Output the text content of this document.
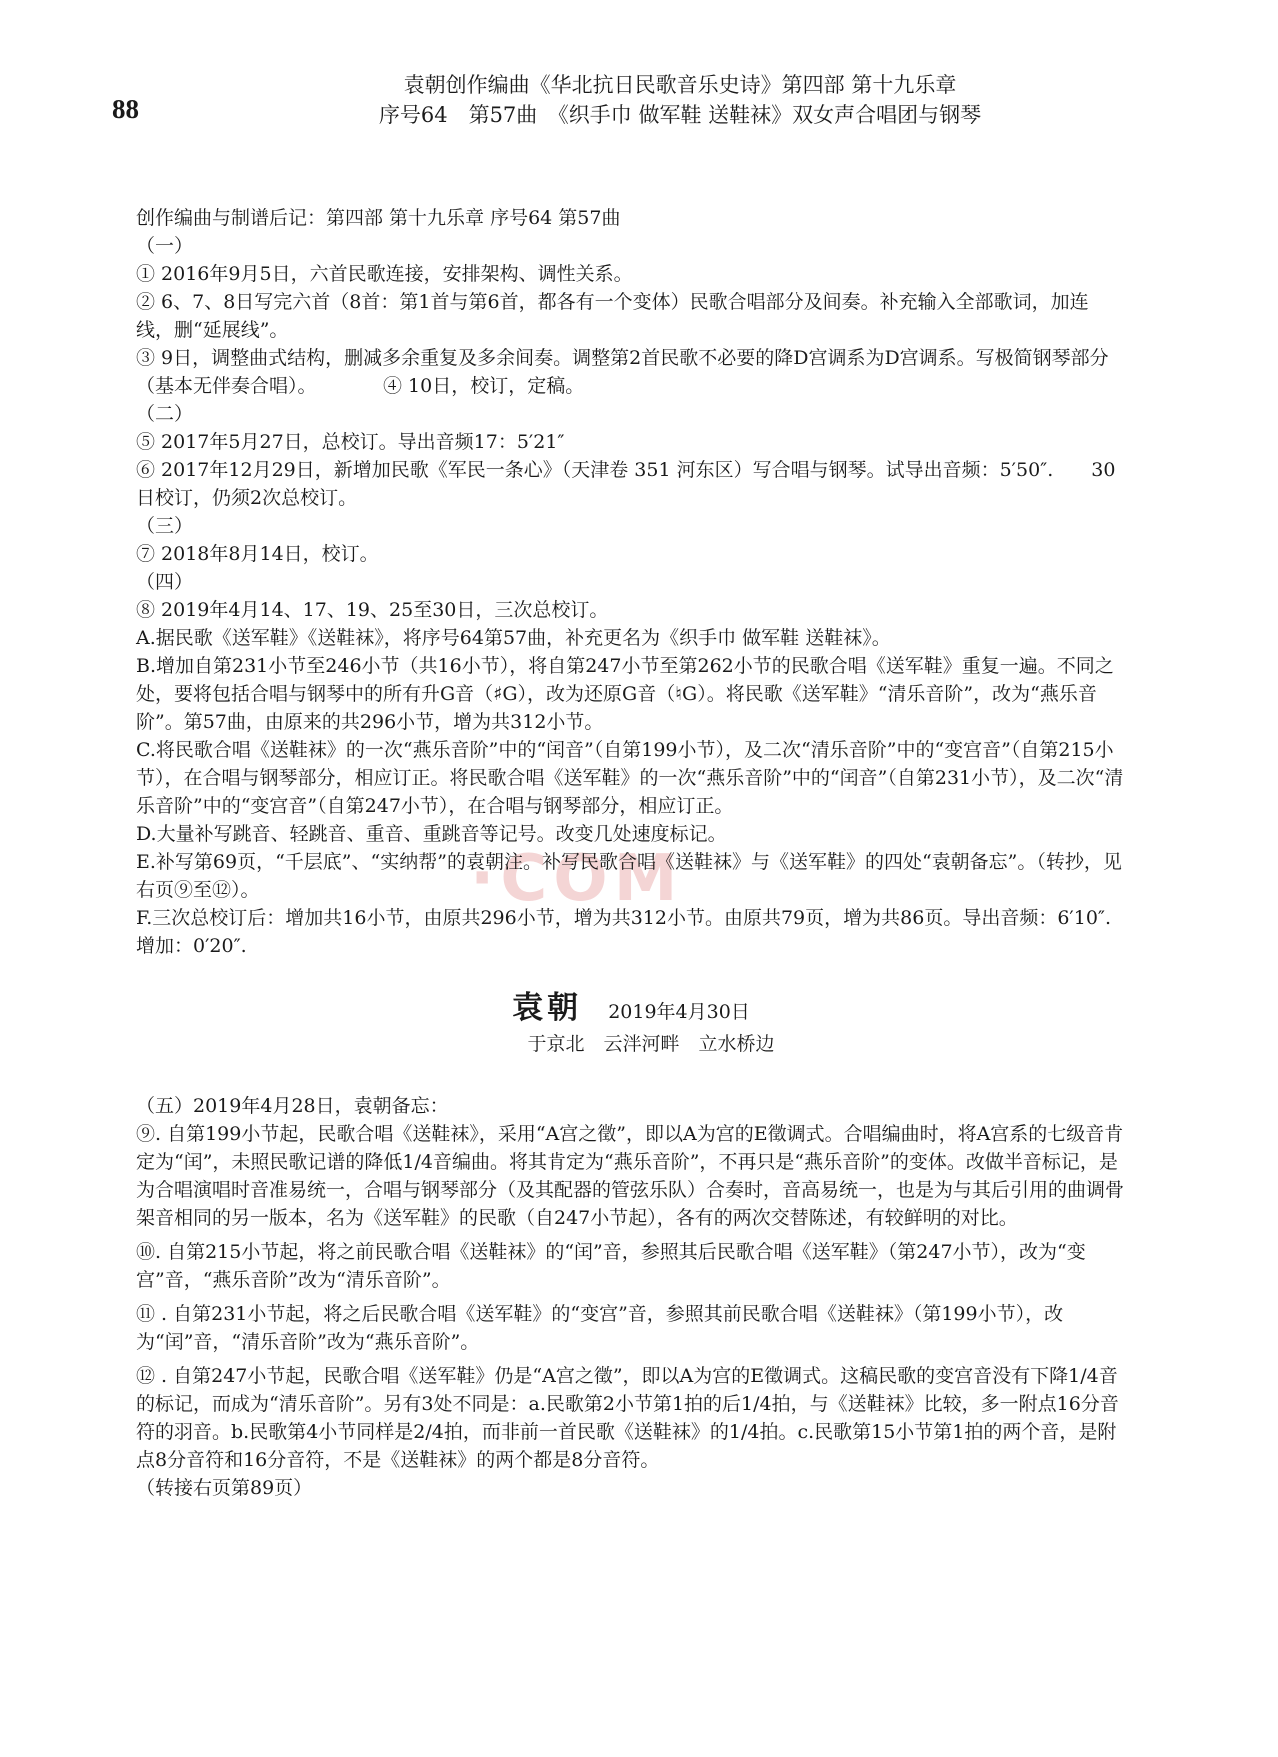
88
袁朝创作编曲《华北抗日民歌音乐史诗》第四部 第十九乐章
序号64　第57曲　《织手巾 做军鞋 送鞋袜》双女声合唱团与钢琴
·COM

创作编曲与制谱后记：第四部 第十九乐章 序号64 第57曲

（一）

① 2016年9月5日，六首民歌连接，安排架构、调性关系。

② 6、7、8日写完六首（8首：第1首与第6首，都各有一个变体）民歌合唱部分及间奏。补充输入全部歌词，加连线，删“延展线”。

③ 9日，调整曲式结构，删减多余重复及多余间奏。调整第2首民歌不必要的降D宫调系为D宫调系。写极简钢琴部分（基本无伴奏合唱）。　　　　④ 10日，校订，定稿。

（二）

⑤ 2017年5月27日，总校订。导出音频17：5′21″

⑥ 2017年12月29日，新增加民歌《军民一条心》（天津卷 351 河东区）写合唱与钢琴。试导出音频：5′50″.　　30日校订，仍须2次总校订。

（三）

⑦ 2018年8月14日，校订。

（四）

⑧ 2019年4月14、17、19、25至30日，三次总校订。

A.据民歌《送军鞋》《送鞋袜》，将序号64第57曲，补充更名为《织手巾 做军鞋 送鞋袜》。

B.增加自第231小节至246小节（共16小节），将自第247小节至第262小节的民歌合唱《送军鞋》重复一遍。不同之处，要将包括合唱与钢琴中的所有升G音（♯G），改为还原G音（♮G）。将民歌《送军鞋》“清乐音阶”，改为“燕乐音阶”。第57曲，由原来的共296小节，增为共312小节。

C.将民歌合唱《送鞋袜》的一次“燕乐音阶”中的“闰音”（自第199小节），及二次“清乐音阶”中的“变宫音”（自第215小节），在合唱与钢琴部分，相应订正。将民歌合唱《送军鞋》的一次“燕乐音阶”中的“闰音”（自第231小节），及二次“清乐音阶”中的“变宫音”（自第247小节），在合唱与钢琴部分，相应订正。

D.大量补写跳音、轻跳音、重音、重跳音等记号。改变几处速度标记。

E.补写第69页，“千层底”、“实纳帮”的袁朝注。补写民歌合唱《送鞋袜》与《送军鞋》的四处“袁朝备忘”。（转抄，见右页⑨至⑫）。

F.三次总校订后：增加共16小节，由原共296小节，增为共312小节。由原共79页，增为共86页。导出音频：6′10″.增加：0′20″.

袁朝 2019年4月30日

于京北　云泮河畔　立水桥边

（五）2019年4月28日，袁朝备忘：

⑨. 自第199小节起，民歌合唱《送鞋袜》，采用“A宫之徵”，即以A为宫的E徵调式。合唱编曲时，将A宫系的七级音肯定为“闰”，未照民歌记谱的降低1/4音编曲。将其肯定为“燕乐音阶”，不再只是“燕乐音阶”的变体。改做半音标记，是为合唱演唱时音准易统一，合唱与钢琴部分（及其配器的管弦乐队）合奏时，音高易统一，也是为与其后引用的曲调骨架音相同的另一版本，名为《送军鞋》的民歌（自247小节起），各有的两次交替陈述，有较鲜明的对比。

⑩. 自第215小节起，将之前民歌合唱《送鞋袜》的“闰”音，参照其后民歌合唱《送军鞋》（第247小节），改为“变宫”音，“燕乐音阶”改为“清乐音阶”。

⑪ . 自第231小节起，将之后民歌合唱《送军鞋》的“变宫”音，参照其前民歌合唱《送鞋袜》（第199小节），改为“闰”音，“清乐音阶”改为“燕乐音阶”。

⑫ . 自第247小节起，民歌合唱《送军鞋》仍是“A宫之徵”，即以A为宫的E徵调式。这稿民歌的变宫音没有下降1/4音的标记，而成为“清乐音阶”。另有3处不同是：a.民歌第2小节第1拍的后1/4拍，与《送鞋袜》比较，多一附点16分音符的羽音。b.民歌第4小节同样是2/4拍，而非前一首民歌《送鞋袜》的1/4拍。c.民歌第15小节第1拍的两个音，是附点8分音符和16分音符，不是《送鞋袜》的两个都是8分音符。

（转接右页第89页）
